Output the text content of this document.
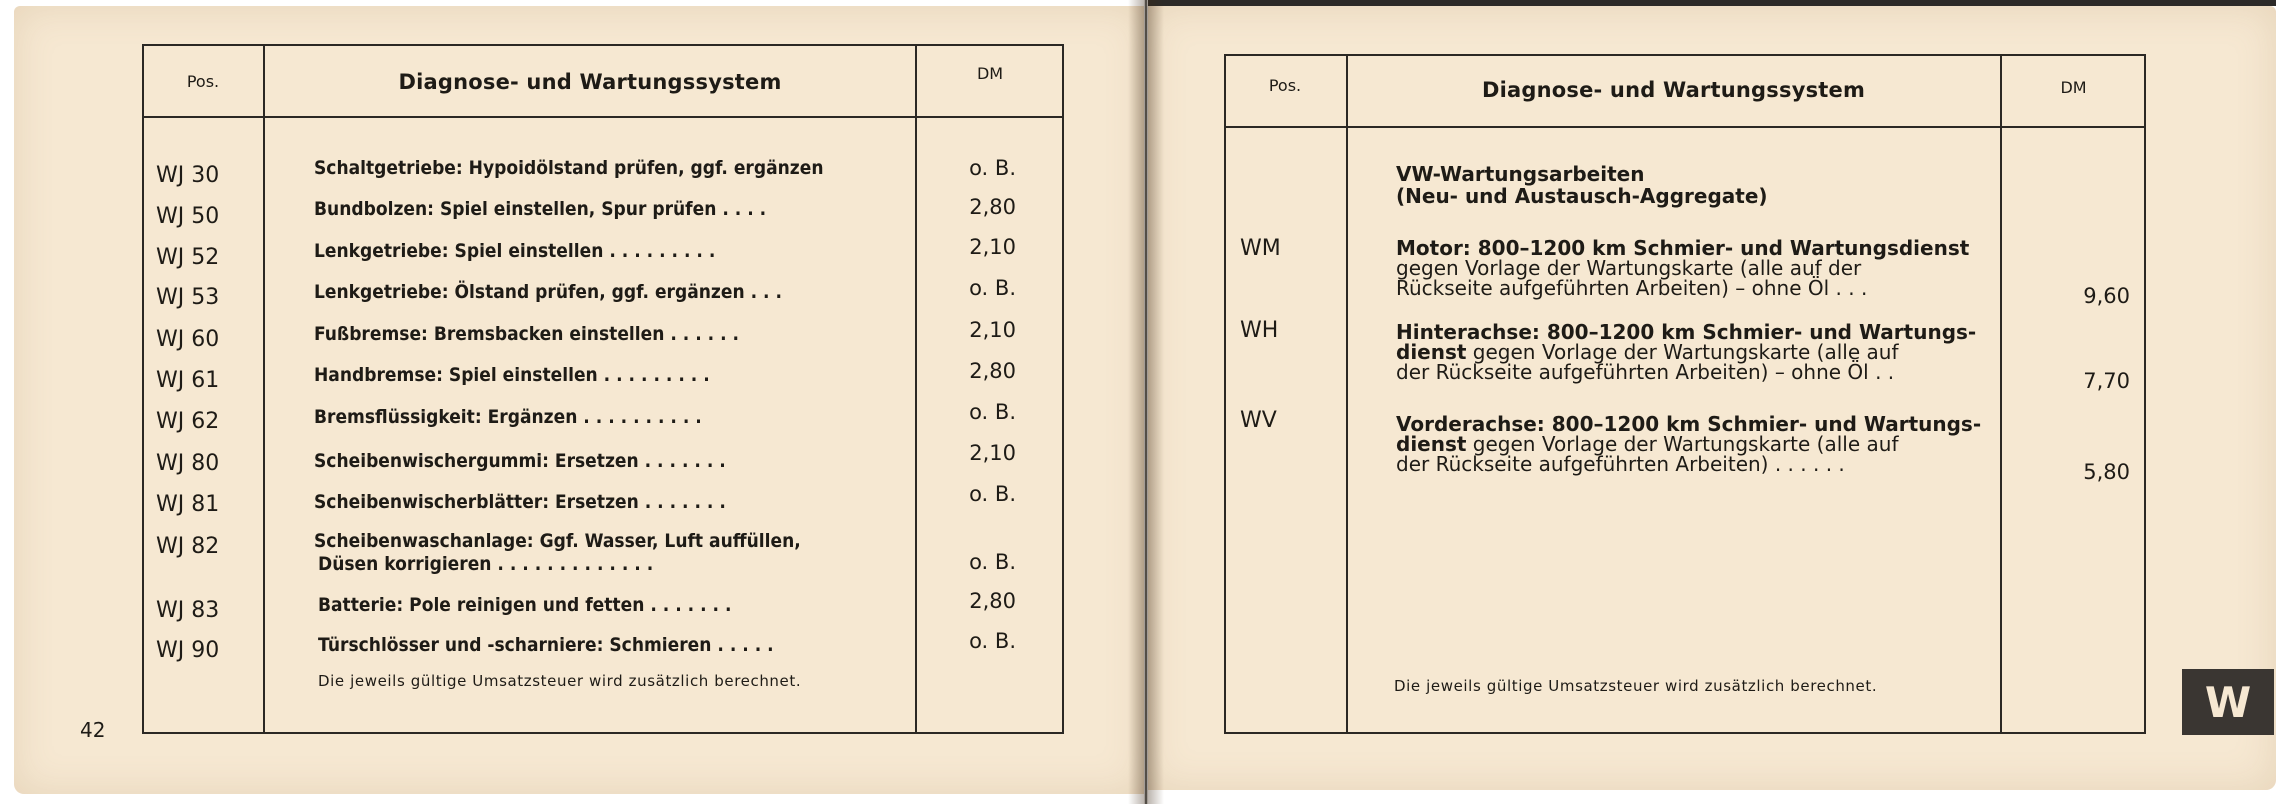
Pos.	Diagnose- und Wartungssystem	DM
WJ 30	Schaltgetriebe: Hypoidölstand prüfen, ggf. ergänzen	o. B.
WJ 50	Bundbolzen: Spiel einstellen, Spur prüfen . . . .	2,80
WJ 52	Lenkgetriebe: Spiel einstellen . . . . . . . . .	2,10
WJ 53	Lenkgetriebe: Ölstand prüfen, ggf. ergänzen . . .	o. B.
WJ 60	Fußbremse: Bremsbacken einstellen . . . . . .	2,10
WJ 61	Handbremse: Spiel einstellen . . . . . . . . .	2,80
WJ 62	Bremsflüssigkeit: Ergänzen . . . . . . . . . .	o. B.
WJ 80	Scheibenwischergummi: Ersetzen . . . . . . .	2,10
WJ 81	Scheibenwischerblätter: Ersetzen . . . . . . .	o. B.
WJ 82	Scheibenwaschanlage: Ggf. Wasser, Luft auffüllen,
Düsen korrigieren . . . . . . . . . . . . .	o. B.
WJ 83	Batterie: Pole reinigen und fetten . . . . . . .	2,80
WJ 90	Türschlösser und -scharniere: Schmieren . . . . .	o. B.
Die jeweils gültige Umsatzsteuer wird zusätzlich berechnet.
42
Pos.	Diagnose- und Wartungssystem	DM
VW-Wartungsarbeiten
(Neu- und Austausch-Aggregate)
WM	Motor: 800–1200 km Schmier- und Wartungsdienst
gegen Vorlage der Wartungskarte (alle auf der
Rückseite aufgeführten Arbeiten) – ohne Öl . . .	9,60
WH	Hinterachse: 800–1200 km Schmier- und Wartungs-
dienst gegen Vorlage der Wartungskarte (alle auf
der Rückseite aufgeführten Arbeiten) – ohne Öl . .	7,70
WV	Vorderachse: 800–1200 km Schmier- und Wartungs-
dienst gegen Vorlage der Wartungskarte (alle auf
der Rückseite aufgeführten Arbeiten) . . . . . .	5,80
Die jeweils gültige Umsatzsteuer wird zusätzlich berechnet.	W
